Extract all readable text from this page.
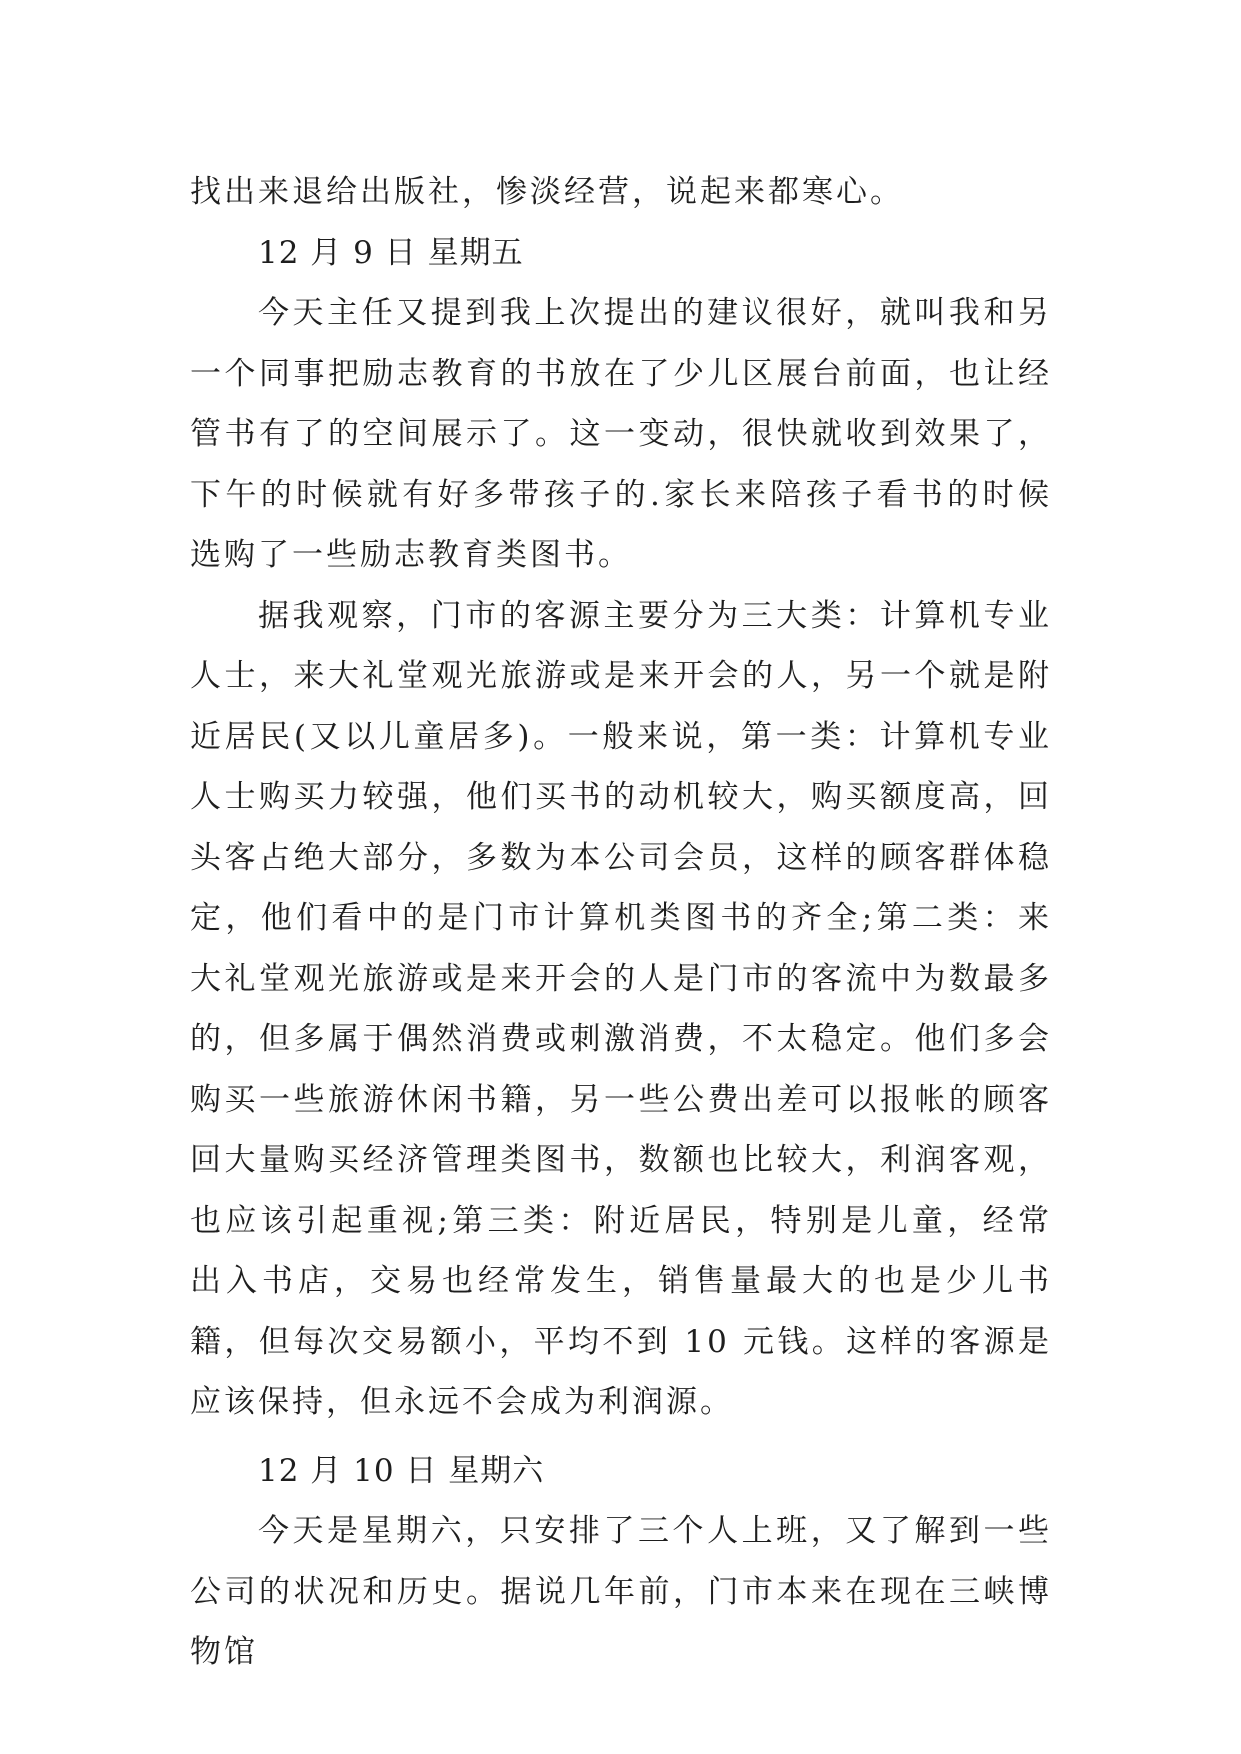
找出来退给出版社，惨淡经营，说起来都寒心。

12 月 9 日 星期五

今天主任又提到我上次提出的建议很好，就叫我和另一个同事把励志教育的书放在了少儿区展台前面，也让经管书有了的空间展示了。这一变动，很快就收到效果了，下午的时候就有好多带孩子的.家长来陪孩子看书的时候选购了一些励志教育类图书。

据我观察，门市的客源主要分为三大类：计算机专业人士，来大礼堂观光旅游或是来开会的人，另一个就是附近居民(又以儿童居多)。一般来说，第一类：计算机专业人士购买力较强，他们买书的动机较大，购买额度高，回头客占绝大部分，多数为本公司会员，这样的顾客群体稳定，他们看中的是门市计算机类图书的齐全;第二类：来大礼堂观光旅游或是来开会的人是门市的客流中为数最多的，但多属于偶然消费或刺激消费，不太稳定。他们多会购买一些旅游休闲书籍，另一些公费出差可以报帐的顾客回大量购买经济管理类图书，数额也比较大，利润客观，也应该引起重视;第三类：附近居民，特别是儿童，经常出入书店，交易也经常发生，销售量最大的也是少儿书籍，但每次交易额小，平均不到 10 元钱。这样的客源是应该保持，但永远不会成为利润源。

12 月 10 日 星期六

今天是星期六，只安排了三个人上班，又了解到一些公司的状况和历史。据说几年前，门市本来在现在三峡博物馆
